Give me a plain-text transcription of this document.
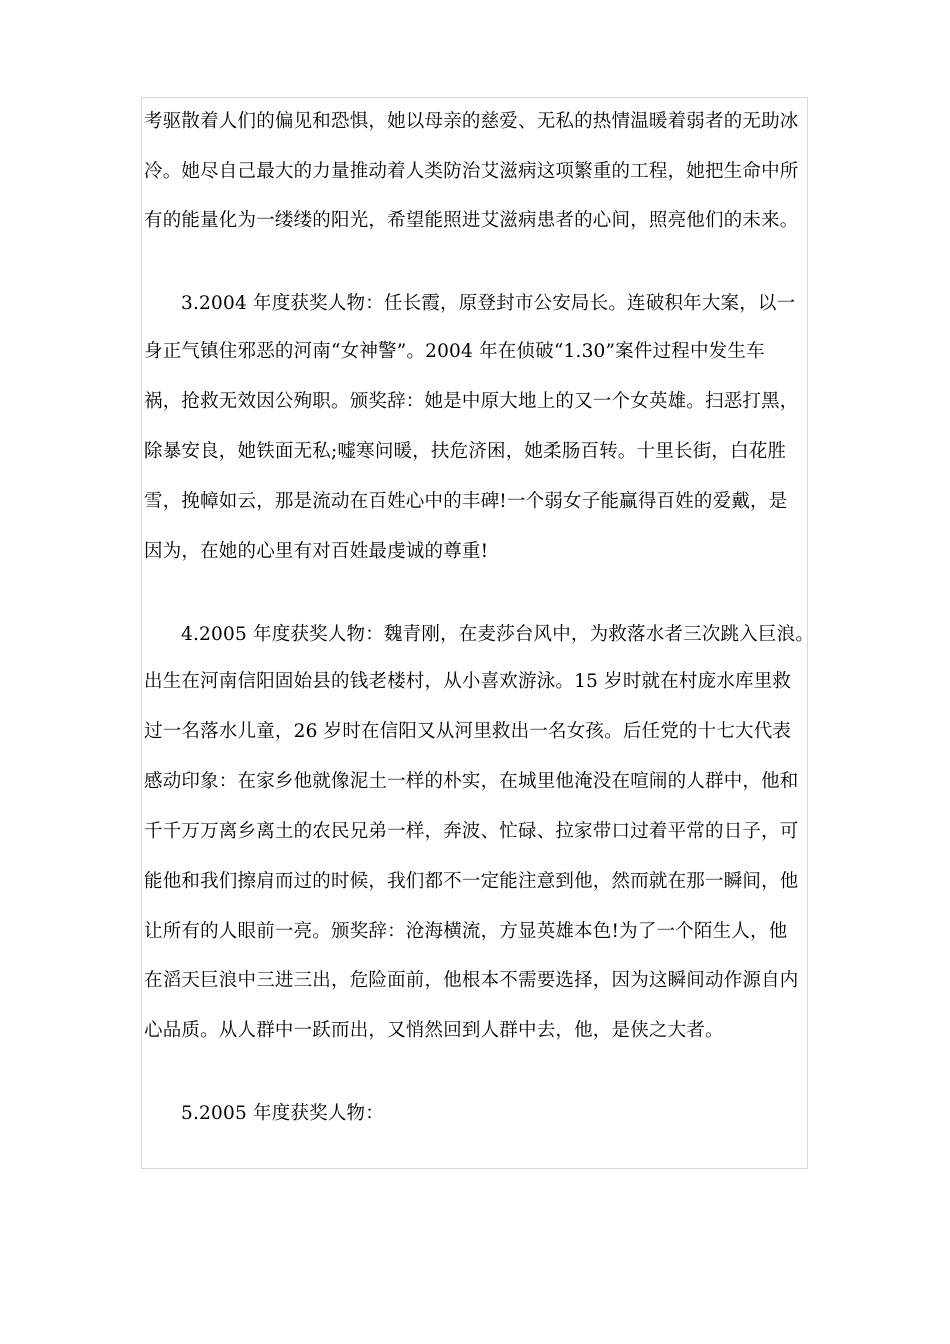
考驱散着人们的偏见和恐惧，她以母亲的慈爱、无私的热情温暖着弱者的无助冰
冷。她尽自己最大的力量推动着人类防治艾滋病这项繁重的工程，她把生命中所
有的能量化为一缕缕的阳光，希望能照进艾滋病患者的心间，照亮他们的未来。
3.2004 年度获奖人物：任长霞，原登封市公安局长。连破积年大案，以一
身正气镇住邪恶的河南“女神警”。2004 年在侦破“1.30”案件过程中发生车
祸，抢救无效因公殉职。颁奖辞：她是中原大地上的又一个女英雄。扫恶打黑，
除暴安良，她铁面无私;嘘寒问暖，扶危济困，她柔肠百转。十里长街，白花胜
雪，挽幛如云，那是流动在百姓心中的丰碑!一个弱女子能赢得百姓的爱戴，是
因为，在她的心里有对百姓最虔诚的尊重!
4.2005 年度获奖人物：魏青刚，在麦莎台风中，为救落水者三次跳入巨浪。
出生在河南信阳固始县的钱老楼村，从小喜欢游泳。15 岁时就在村庞水库里救
过一名落水儿童，26 岁时在信阳又从河里救出一名女孩。后任党的十七大代表
感动印象：在家乡他就像泥土一样的朴实，在城里他淹没在喧闹的人群中，他和
千千万万离乡离土的农民兄弟一样，奔波、忙碌、拉家带口过着平常的日子，可
能他和我们擦肩而过的时候，我们都不一定能注意到他，然而就在那一瞬间，他
让所有的人眼前一亮。颁奖辞：沧海横流，方显英雄本色!为了一个陌生人，他
在滔天巨浪中三进三出，危险面前，他根本不需要选择，因为这瞬间动作源自内
心品质。从人群中一跃而出，又悄然回到人群中去，他，是侠之大者。
5.2005 年度获奖人物：
